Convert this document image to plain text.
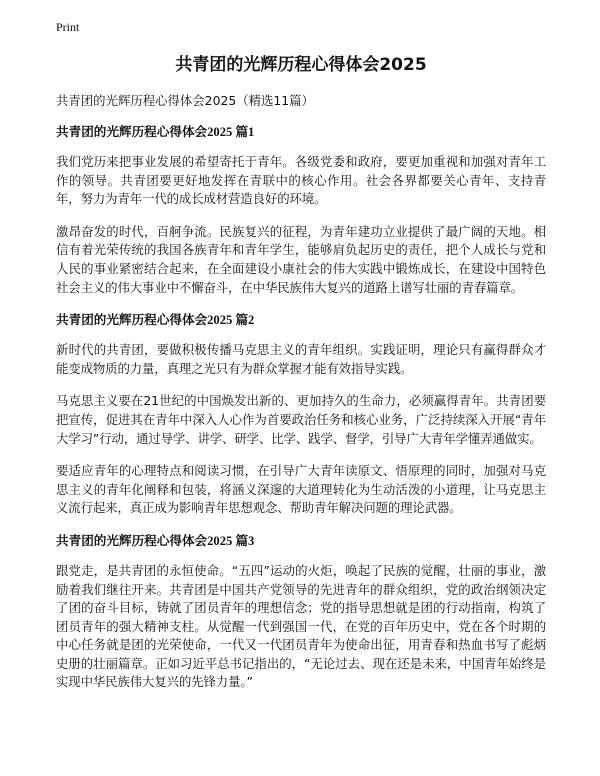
Print
共青团的光辉历程心得体会2025
共青团的光辉历程心得体会2025（精选11篇）
共青团的光辉历程心得体会2025 篇1

我们党历来把事业发展的希望寄托于青年。各级党委和政府，要更加重视和加强对青年工作的领导。共青团要更好地发挥在青联中的核心作用。社会各界都要关心青年、支持青年，努力为青年一代的成长成材营造良好的环境。

激昂奋发的时代，百舸争流。民族复兴的征程，为青年建功立业提供了最广阔的天地。相信有着光荣传统的我国各族青年和青年学生，能够肩负起历史的责任，把个人成长与党和人民的事业紧密结合起来，在全面建设小康社会的伟大实践中锻炼成长，在建设中国特色社会主义的伟大事业中不懈奋斗，在中华民族伟大复兴的道路上谱写壮丽的青春篇章。

共青团的光辉历程心得体会2025 篇2

新时代的共青团，要做积极传播马克思主义的青年组织。实践证明，理论只有赢得群众才能变成物质的力量，真理之光只有为群众掌握才能有效指导实践。

马克思主义要在21世纪的中国焕发出新的、更加持久的生命力，必须赢得青年。共青团要把宣传，促进其在青年中深入人心作为首要政治任务和核心业务，广泛持续深入开展“青年大学习”行动，通过导学、讲学、研学、比学、践学、督学，引导广大青年学懂弄通做实。

要适应青年的心理特点和阅读习惯，在引导广大青年读原文、悟原理的同时，加强对马克思主义的青年化阐释和包装，将涵义深邃的大道理转化为生动活泼的小道理，让马克思主义流行起来，真正成为影响青年思想观念、帮助青年解决问题的理论武器。

共青团的光辉历程心得体会2025 篇3

跟党走，是共青团的永恒使命。“五四”运动的火炬，唤起了民族的觉醒，壮丽的事业，激励着我们继往开来。共青团是中国共产党领导的先进青年的群众组织，党的政治纲领决定了团的奋斗目标，铸就了团员青年的理想信念；党的指导思想就是团的行动指南，构筑了团员青年的强大精神支柱。从觉醒一代到强国一代，在党的百年历史中，党在各个时期的中心任务就是团的光荣使命，一代又一代团员青年为使命出征，用青春和热血书写了彪炳史册的壮丽篇章。正如习近平总书记指出的，“无论过去、现在还是未来，中国青年始终是实现中华民族伟大复兴的先锋力量。”
